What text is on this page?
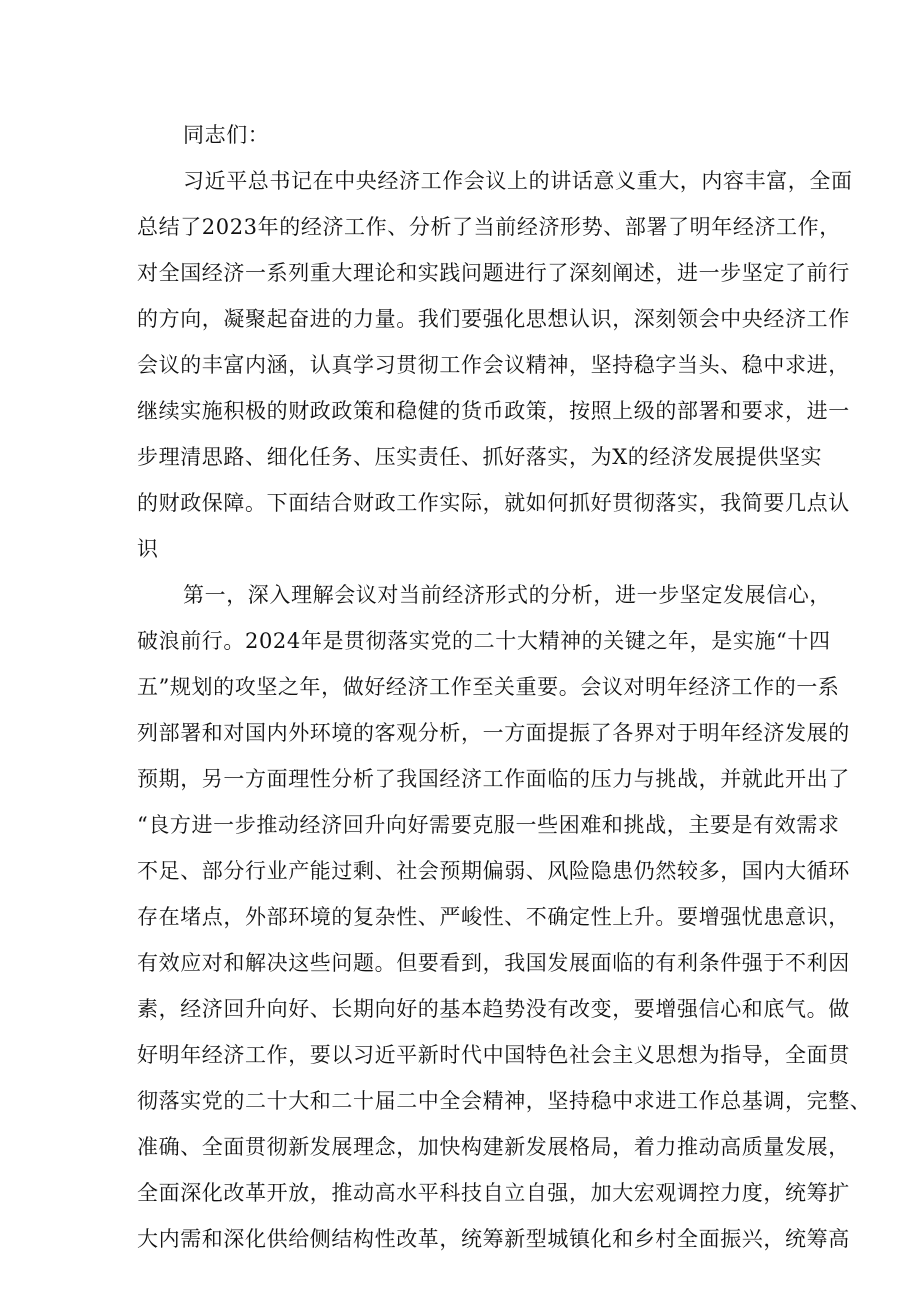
同志们：
习近平总书记在中央经济工作会议上的讲话意义重大，内容丰富，全面
总结了2023年的经济工作、分析了当前经济形势、部署了明年经济工作，
对全国经济一系列重大理论和实践问题进行了深刻阐述，进一步坚定了前行
的方向，凝聚起奋进的力量。我们要强化思想认识，深刻领会中央经济工作
会议的丰富内涵，认真学习贯彻工作会议精神，坚持稳字当头、稳中求进，
继续实施积极的财政政策和稳健的货币政策，按照上级的部署和要求，进一
步理清思路、细化任务、压实责任、抓好落实，为X的经济发展提供坚实
的财政保障。下面结合财政工作实际，就如何抓好贯彻落实，我简要几点认
识
第一，深入理解会议对当前经济形式的分析，进一步坚定发展信心，
破浪前行。2024年是贯彻落实党的二十大精神的关键之年，是实施“十四
五”规划的攻坚之年，做好经济工作至关重要。会议对明年经济工作的一系
列部署和对国内外环境的客观分析，一方面提振了各界对于明年经济发展的
预期，另一方面理性分析了我国经济工作面临的压力与挑战，并就此开出了
“良方进一步推动经济回升向好需要克服一些困难和挑战，主要是有效需求
不足、部分行业产能过剩、社会预期偏弱、风险隐患仍然较多，国内大循环
存在堵点，外部环境的复杂性、严峻性、不确定性上升。要增强忧患意识，
有效应对和解决这些问题。但要看到，我国发展面临的有利条件强于不利因
素，经济回升向好、长期向好的基本趋势没有改变，要增强信心和底气。做
好明年经济工作，要以习近平新时代中国特色社会主义思想为指导，全面贯
彻落实党的二十大和二十届二中全会精神，坚持稳中求进工作总基调，完整、
准确、全面贯彻新发展理念，加快构建新发展格局，着力推动高质量发展，
全面深化改革开放，推动高水平科技自立自强，加大宏观调控力度，统筹扩
大内需和深化供给侧结构性改革，统筹新型城镇化和乡村全面振兴，统筹高
